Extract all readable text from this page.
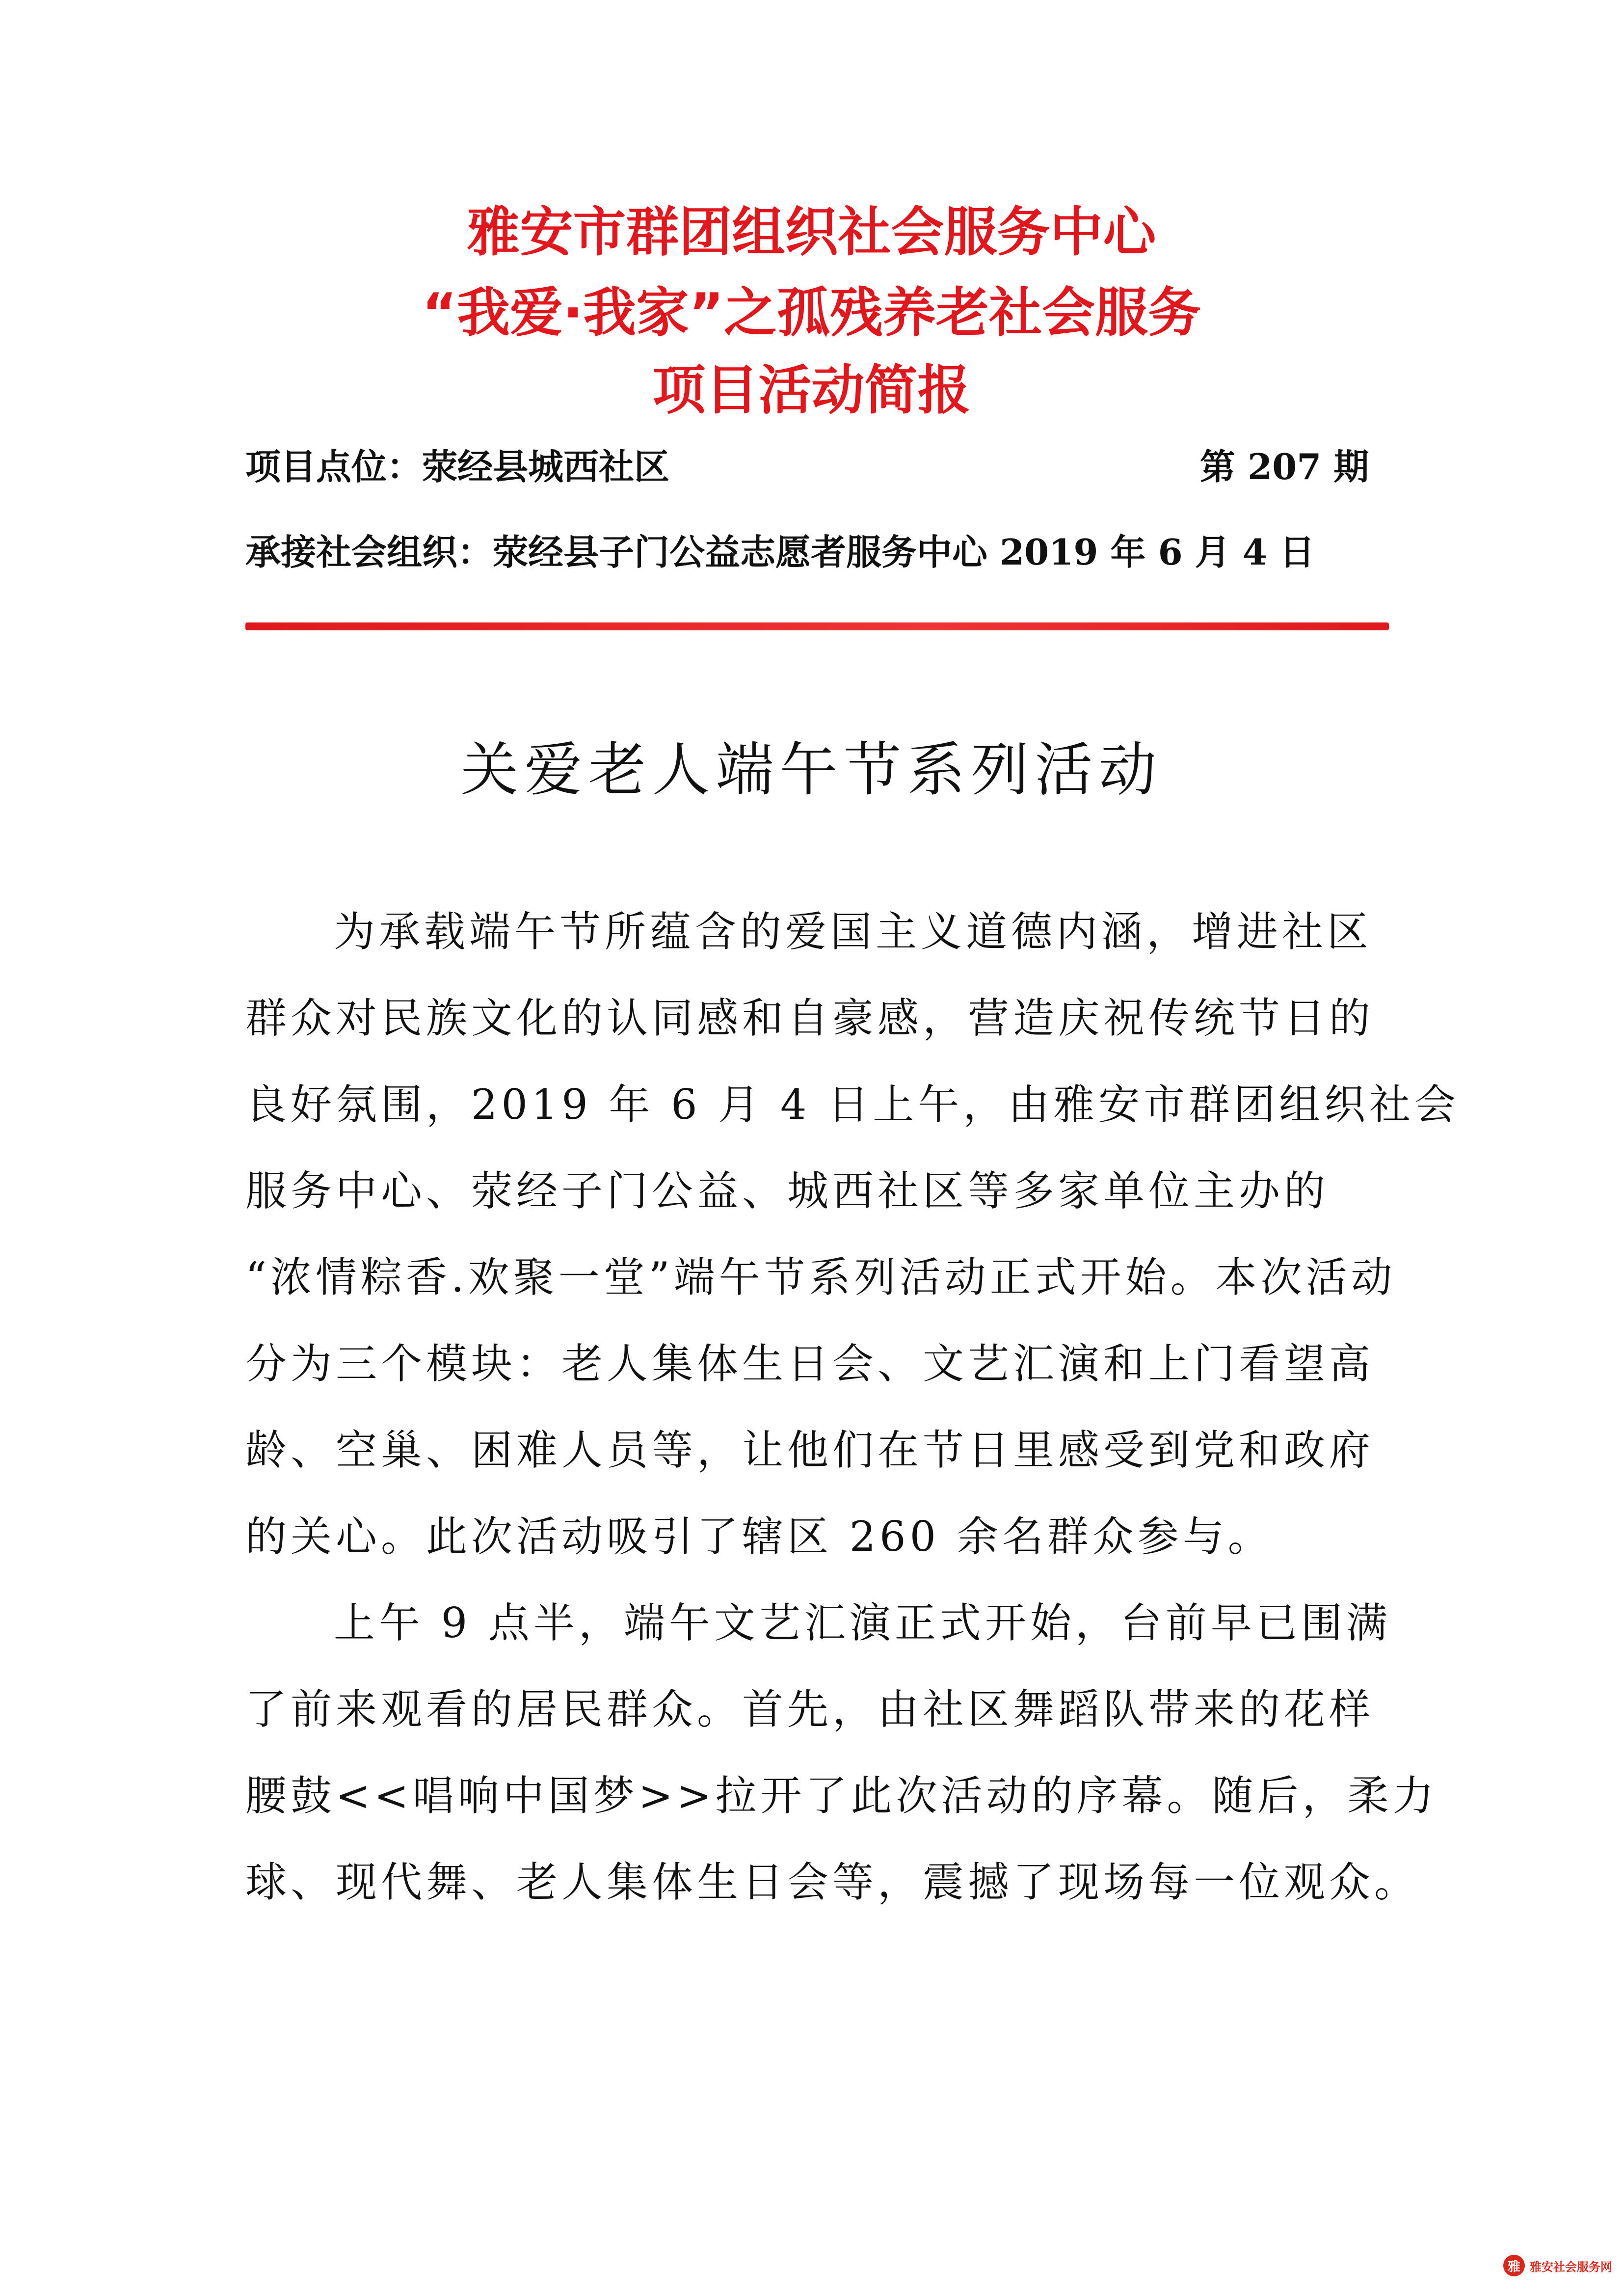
雅安市群团组织社会服务中心
“我爱·我家”之孤残养老社会服务
项目活动简报
项目点位：荥经县城西社区	第 207 期
承接社会组织：荥经县子门公益志愿者服务中心 2019 年 6 月 4 日
关爱老人端午节系列活动
为承载端午节所蕴含的爱国主义道德内涵，增进社区
群众对民族文化的认同感和自豪感，营造庆祝传统节日的
良好氛围，2019 年 6 月 4 日上午，由雅安市群团组织社会
服务中心、荥经子门公益、城西社区等多家单位主办的
“浓情粽香.欢聚一堂”端午节系列活动正式开始。本次活动
分为三个模块：老人集体生日会、文艺汇演和上门看望高
龄、空巢、困难人员等，让他们在节日里感受到党和政府
的关心。此次活动吸引了辖区 260 余名群众参与。
上午 9 点半，端午文艺汇演正式开始，台前早已围满
了前来观看的居民群众。首先，由社区舞蹈队带来的花样
腰鼓<<唱响中国梦>>拉开了此次活动的序幕。随后，柔力
球、现代舞、老人集体生日会等，震撼了现场每一位观众。
雅 雅安社会服务网
